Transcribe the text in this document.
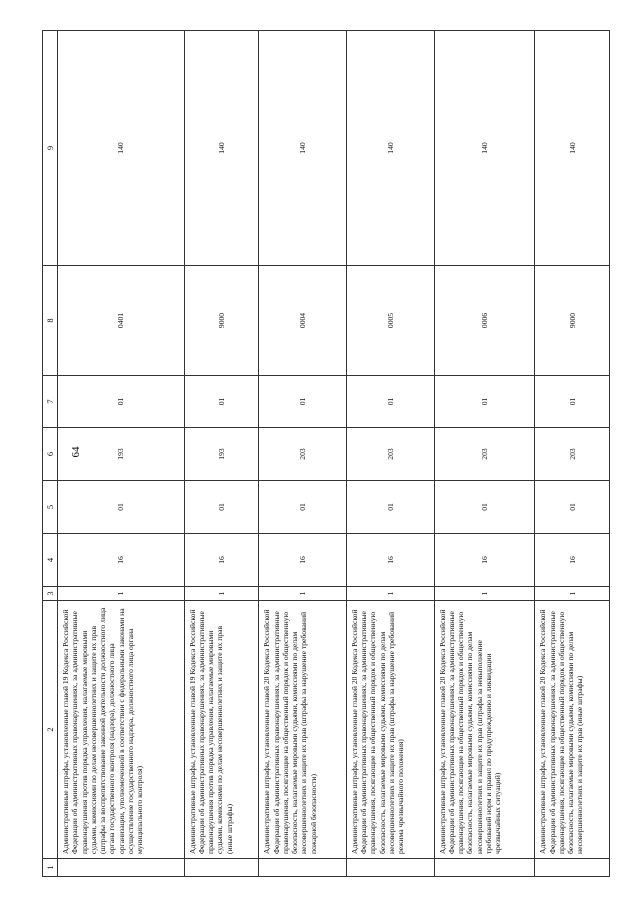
64
1	2	3	4	5	6	7	8	9
	Административные штрафы, установленные главой 19 Кодекса Российской Федерации об административных правонарушениях, за административные правонарушения против порядка управления, налагаемые мировыми судьями, комиссиями по делам несовершеннолетних и защите их прав (штрафы за воспрепятствование законной деятельности должностного лица органа государственного контроля (надзора), должностного лица организации, уполномоченной в соответствии с федеральными законами на осуществление государственного надзора, должностного лица органа муниципального контроля)	1	16	01	193	01	0401	140
	Административные штрафы, установленные главой 19 Кодекса Российской Федерации об административных правонарушениях, за административные правонарушения против порядка управления, налагаемые мировыми судьями, комиссиями по делам несовершеннолетних и защите их прав (иные штрафы)	1	16	01	193	01	9000	140
	Административные штрафы, установленные главой 20 Кодекса Российской Федерации об административных правонарушениях, за административные правонарушения, посягающие на общественный порядок и общественную безопасность, налагаемые мировыми судьями, комиссиями по делам несовершеннолетних и защите их прав (штрафы за нарушение требований пожарной безопасности)	1	16	01	203	01	0004	140
	Административные штрафы, установленные главой 20 Кодекса Российской Федерации об административных правонарушениях, за административные правонарушения, посягающие на общественный порядок и общественную безопасность, налагаемые мировыми судьями, комиссиями по делам несовершеннолетних и защите их прав (штрафы за нарушение требований режима чрезвычайного положения)	1	16	01	203	01	0005	140
	Административные штрафы, установленные главой 20 Кодекса Российской Федерации об административных правонарушениях, за административные правонарушения, посягающие на общественный порядок и общественную безопасность, налагаемые мировыми судьями, комиссиями по делам несовершеннолетних и защите их прав (штрафы за невыполнение требований норм и правил по предупреждению и ликвидации чрезвычайных ситуаций)	1	16	01	203	01	0006	140
	Административные штрафы, установленные главой 20 Кодекса Российской Федерации об административных правонарушениях, за административные правонарушения, посягающие на общественный порядок и общественную безопасность, налагаемые мировыми судьями, комиссиями по делам несовершеннолетних и защите их прав (иные штрафы)	1	16	01	203	01	9000	140
